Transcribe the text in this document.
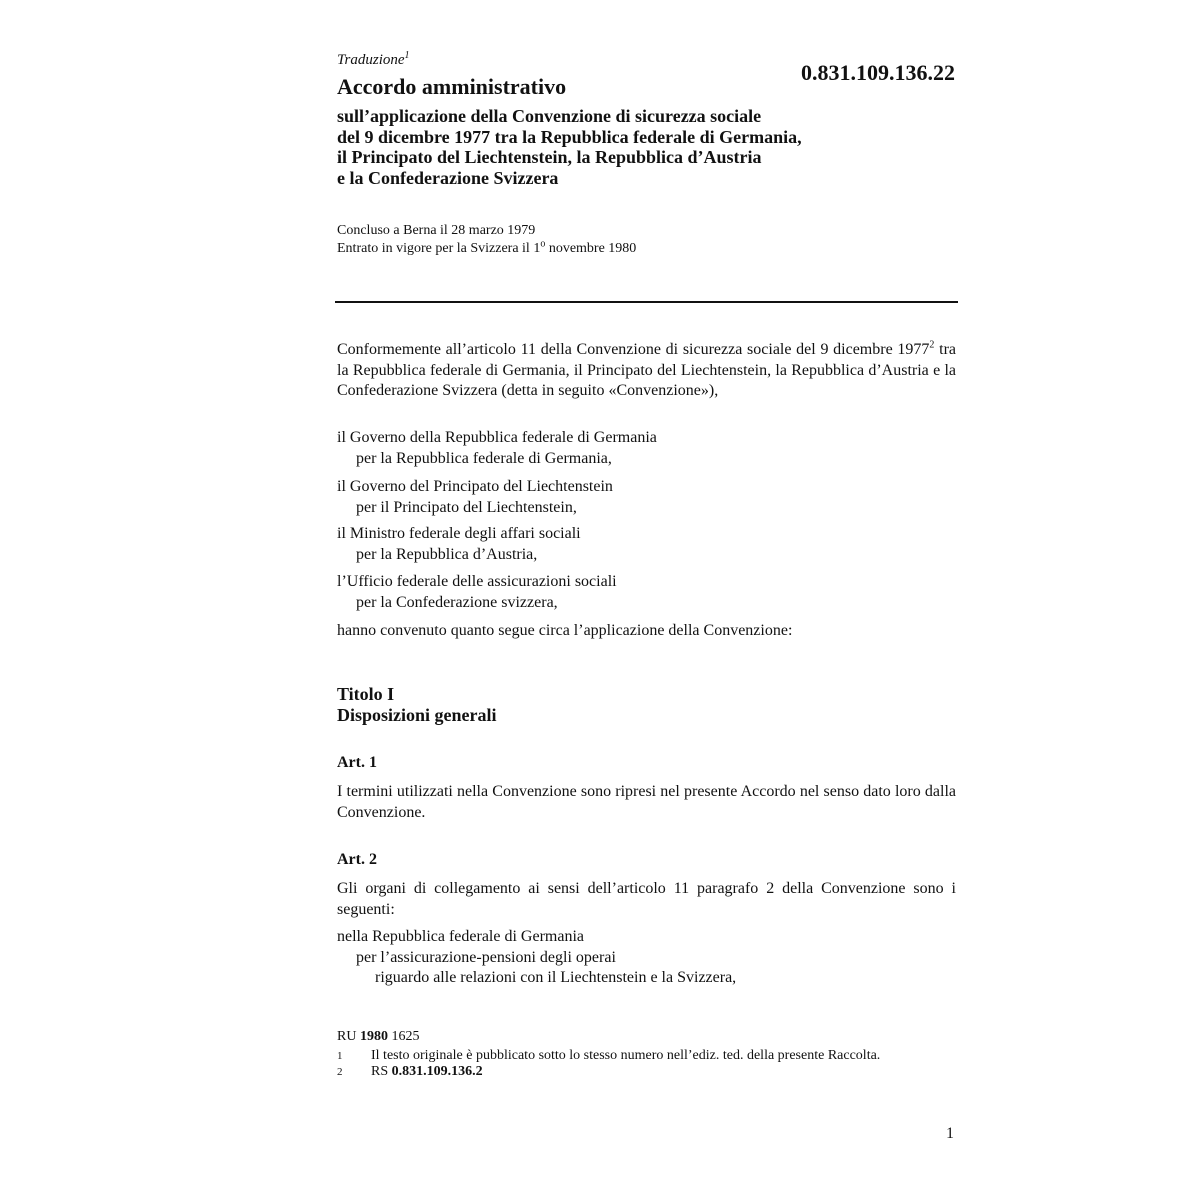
Traduzione$^1$
Accordo amministrativo
0.831.109.136.22
sull’applicazione della Convenzione di sicurezza sociale
del 9 dicembre 1977 tra la Repubblica federale di Germania,
il Principato del Liechtenstein, la Repubblica d’Austria
e la Confederazione Svizzera
Concluso a Berna il 28 marzo 1979
Entrato in vigore per la Svizzera il 1$^o$ novembre 1980
Conformemente all’articolo 11 della Convenzione di sicurezza sociale del 9 dicembre 1977$^2$ tra la Repubblica federale di Germania, il Principato del Liechtenstein, la Repubblica d’Austria e la Confederazione Svizzera (detta in seguito «Convenzione»),
il Governo della Repubblica federale di Germania
per la Repubblica federale di Germania,
il Governo del Principato del Liechtenstein
per il Principato del Liechtenstein,
il Ministro federale degli affari sociali
per la Repubblica d’Austria,
l’Ufficio federale delle assicurazioni sociali
per la Confederazione svizzera,
hanno convenuto quanto segue circa l’applicazione della Convenzione:
Titolo I
Disposizioni generali
Art. 1
I termini utilizzati nella Convenzione sono ripresi nel presente Accordo nel senso dato loro dalla Convenzione.
Art. 2
Gli organi di collegamento ai sensi dell’articolo 11 paragrafo 2 della Convenzione sono i seguenti:
nella Repubblica federale di Germania
per l’assicurazione-pensioni degli operai
riguardo alle relazioni con il Liechtenstein e la Svizzera,
RU 1980 1625
1	Il testo originale è pubblicato sotto lo stesso numero nell’ediz. ted. della presente Raccolta.
2	RS 0.831.109.136.2
1
